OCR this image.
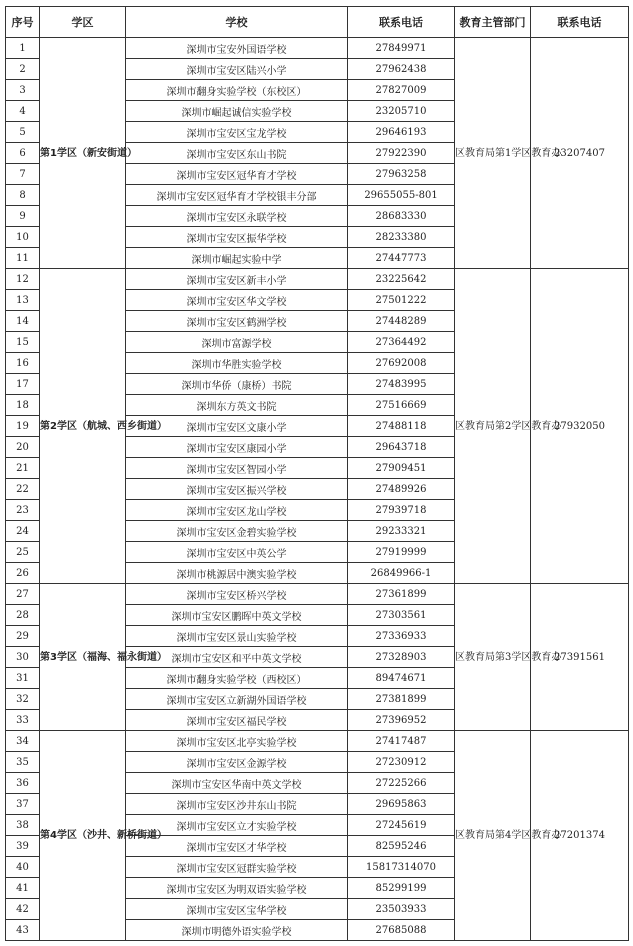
序号	学区	学校	联系电话	教育主管部门	联系电话
1	第1学区（新安街道）	深圳市宝安外国语学校	27849971	区教育局第1学区教育办	23207407
2		深圳市宝安区陆兴小学	27962438		
3		深圳市翻身实验学校（东校区）	27827009		
4		深圳市崛起诚信实验学校	23205710		
5		深圳市宝安区宝龙学校	29646193		
6		深圳市宝安区东山书院	27922390		
7		深圳市宝安区冠华育才学校	27963258		
8		深圳市宝安区冠华育才学校银丰分部	29655055-801		
9		深圳市宝安区永联学校	28683330		
10		深圳市宝安区振华学校	28233380		
11		深圳市崛起实验中学	27447773		
12	第2学区（航城、西乡街道）	深圳市宝安区新丰小学	23225642	区教育局第2学区教育办	27932050
13		深圳市宝安区华文学校	27501222		
14		深圳市宝安区鹤洲学校	27448289		
15		深圳市富源学校	27364492		
16		深圳市华胜实验学校	27692008		
17		深圳市华侨（康桥）书院	27483995		
18		深圳东方英文书院	27516669		
19		深圳市宝安区文康小学	27488118		
20		深圳市宝安区康园小学	29643718		
21		深圳市宝安区智园小学	27909451		
22		深圳市宝安区振兴学校	27489926		
23		深圳市宝安区龙山学校	27939718		
24		深圳市宝安区金碧实验学校	29233321		
25		深圳市宝安区中英公学	27919999		
26		深圳市桃源居中澳实验学校	26849966-1		
27	第3学区（福海、福永街道）	深圳市宝安区桥兴学校	27361899	区教育局第3学区教育办	27391561
28		深圳市宝安区鹏晖中英文学校	27303561		
29		深圳市宝安区景山实验学校	27336933		
30		深圳市宝安区和平中英文学校	27328903		
31		深圳市翻身实验学校（西校区）	89474671		
32		深圳市宝安区立新湖外国语学校	27381899		
33		深圳市宝安区福民学校	27396952		
34	第4学区（沙井、新桥街道）	深圳市宝安区北亭实验学校	27417487	区教育局第4学区教育办	27201374
35		深圳市宝安区金源学校	27230912		
36		深圳市宝安区华南中英文学校	27225266		
37		深圳市宝安区沙井东山书院	29695863		
38		深圳市宝安区立才实验学校	27245619		
39		深圳市宝安区才华学校	82595246		
40		深圳市宝安区冠群实验学校	15817314070		
41		深圳市宝安区为明双语实验学校	85299199		
42		深圳市宝安区宝华学校	23503933		
43		深圳市明德外语实验学校	27685088		
